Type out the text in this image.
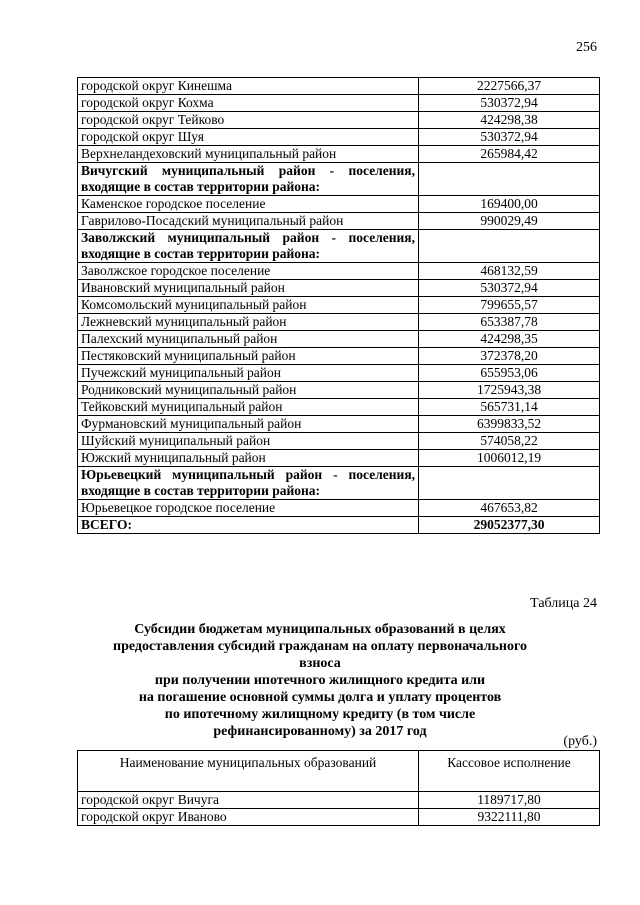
256
городской округ Кинешма	2227566,37
городской округ Кохма	530372,94
городской округ Тейково	424298,38
городской округ Шуя	530372,94
Верхнеландеховский муниципальный район	265984,42
Вичугский муниципальный район - поселения, входящие в состав территории района:	
Каменское городское поселение	169400,00
Гаврилово-Посадский муниципальный район	990029,49
Заволжский муниципальный район - поселения, входящие в состав территории района:	
Заволжское городское поселение	468132,59
Ивановский муниципальный район	530372,94
Комсомольский муниципальный район	799655,57
Лежневский муниципальный район	653387,78
Палехский муниципальный район	424298,35
Пестяковский муниципальный район	372378,20
Пучежский муниципальный район	655953,06
Родниковский муниципальный район	1725943,38
Тейковский муниципальный район	565731,14
Фурмановский муниципальный район	6399833,52
Шуйский муниципальный район	574058,22
Южский муниципальный район	1006012,19
Юрьевецкий муниципальный район - поселения, входящие в состав территории района:	
Юрьевецкое городское поселение	467653,82
ВСЕГО:	29052377,30
Таблица 24
Субсидии бюджетам муниципальных образований в целях
предоставления субсидий гражданам на оплату первоначального взноса
при получении ипотечного жилищного кредита или
на погашение основной суммы долга и уплату процентов
по ипотечному жилищному кредиту (в том числе
рефинансированному) за 2017 год
(руб.)
Наименование муниципальных образований	Кассовое исполнение
городской округ Вичуга	1189717,80
городской округ Иваново	9322111,80
